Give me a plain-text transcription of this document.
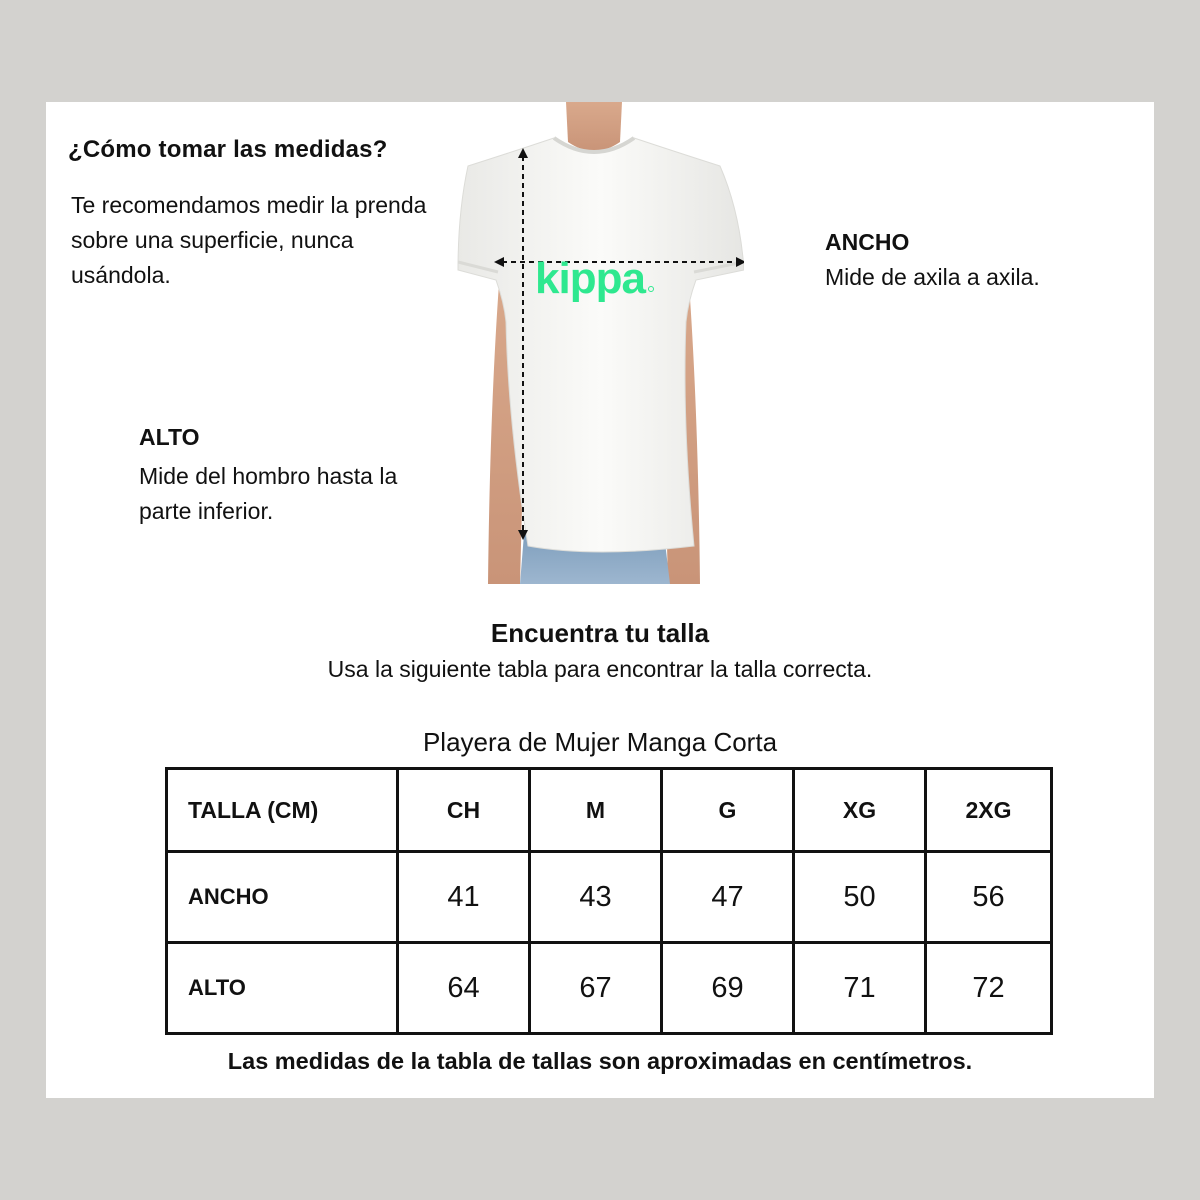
¿Cómo tomar las medidas?
Te recomendamos medir la prenda sobre una superficie, nunca usándola.	kippa
ANCHO
Mide de axila a axila.
ALTO
Mide del hombro hasta la parte inferior.
Encuentra tu talla
Usa la siguiente tabla para encontrar la talla correcta.
Playera de Mujer Manga Corta
TALLA (CM)	CH	M	G	XG	2XG
ANCHO	41	43	47	50	56
ALTO	64	67	69	71	72
Las medidas de la tabla de tallas son aproximadas en centímetros.
